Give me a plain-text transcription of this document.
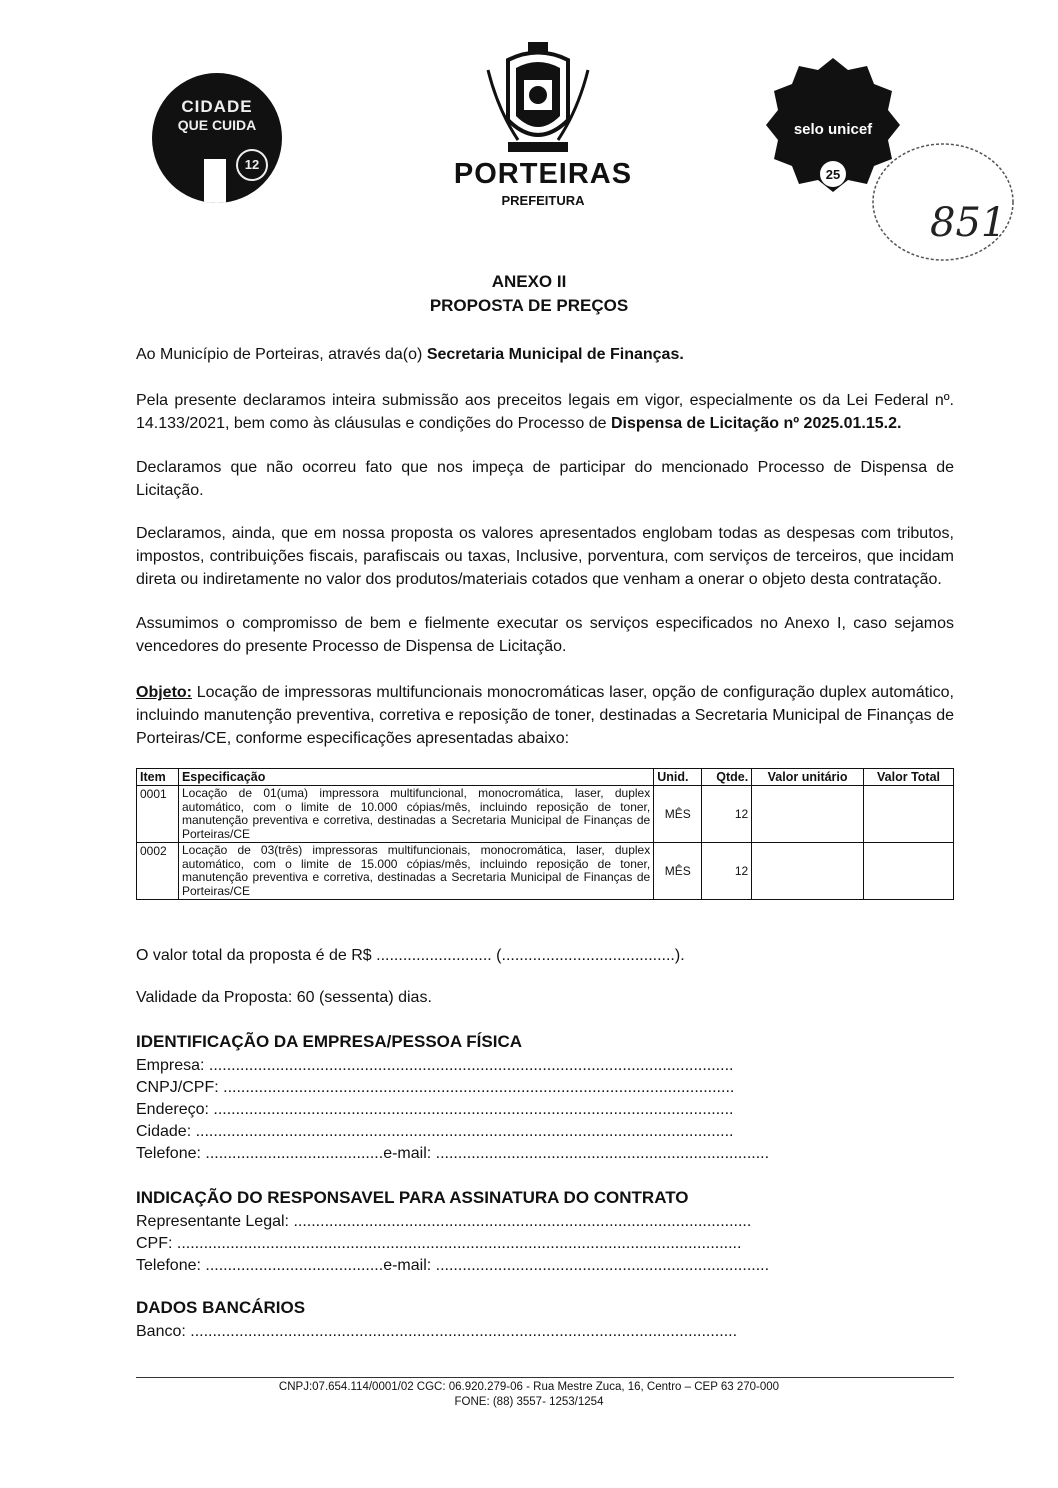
CIDADE
QUE CUIDA
12	PORTEIRAS
PREFEITURA
selo unicef
25
851
ANEXO II
PROPOSTA DE PREÇOS
Ao Município de Porteiras, através da(o) Secretaria Municipal de Finanças.
Pela presente declaramos inteira submissão aos preceitos legais em vigor, especialmente os da Lei Federal nº. 14.133/2021, bem como às cláusulas e condições do Processo de Dispensa de Licitação nº 2025.01.15.2.
Declaramos que não ocorreu fato que nos impeça de participar do mencionado Processo de Dispensa de Licitação.
Declaramos, ainda, que em nossa proposta os valores apresentados englobam todas as despesas com tributos, impostos, contribuições fiscais, parafiscais ou taxas, Inclusive, porventura, com serviços de terceiros, que incidam direta ou indiretamente no valor dos produtos/materiais cotados que venham a onerar o objeto desta contratação.
Assumimos o compromisso de bem e fielmente executar os serviços especificados no Anexo I, caso sejamos vencedores do presente Processo de Dispensa de Licitação.
Objeto: Locação de impressoras multifuncionais monocromáticas laser, opção de configuração duplex automático, incluindo manutenção preventiva, corretiva e reposição de toner, destinadas a Secretaria Municipal de Finanças de Porteiras/CE, conforme especificações apresentadas abaixo:
Item	Especificação	Unid.	Qtde.	Valor unitário	Valor Total
0001	Locação de 01(uma) impressora multifuncional, monocromática, laser, duplex automático, com o limite de 10.000 cópias/mês, incluindo reposição de toner, manutenção preventiva e corretiva, destinadas a Secretaria Municipal de Finanças de Porteiras/CE	MÊS	12		
0002	Locação de 03(três) impressoras multifuncionais, monocromática, laser, duplex automático, com o limite de 15.000 cópias/mês, incluindo reposição de toner, manutenção preventiva e corretiva, destinadas a Secretaria Municipal de Finanças de Porteiras/CE	MÊS	12		
O valor total da proposta é de R$ .......................... (.......................................).
Validade da Proposta: 60 (sessenta) dias.
IDENTIFICAÇÃO DA EMPRESA/PESSOA FÍSICA
Empresa: ......................................................................................................................
CNPJ/CPF: ...................................................................................................................
Endereço: .....................................................................................................................
Cidade: .........................................................................................................................
Telefone: ........................................e-mail: ...........................................................................
INDICAÇÃO DO RESPONSAVEL PARA ASSINATURA DO CONTRATO
Representante Legal: .......................................................................................................
CPF: ...............................................................................................................................
Telefone: ........................................e-mail: ...........................................................................
DADOS BANCÁRIOS
Banco: ...........................................................................................................................
CNPJ:07.654.114/0001/02 CGC: 06.920.279-06 - Rua Mestre Zuca, 16, Centro – CEP 63 270-000
FONE: (88) 3557- 1253/1254
